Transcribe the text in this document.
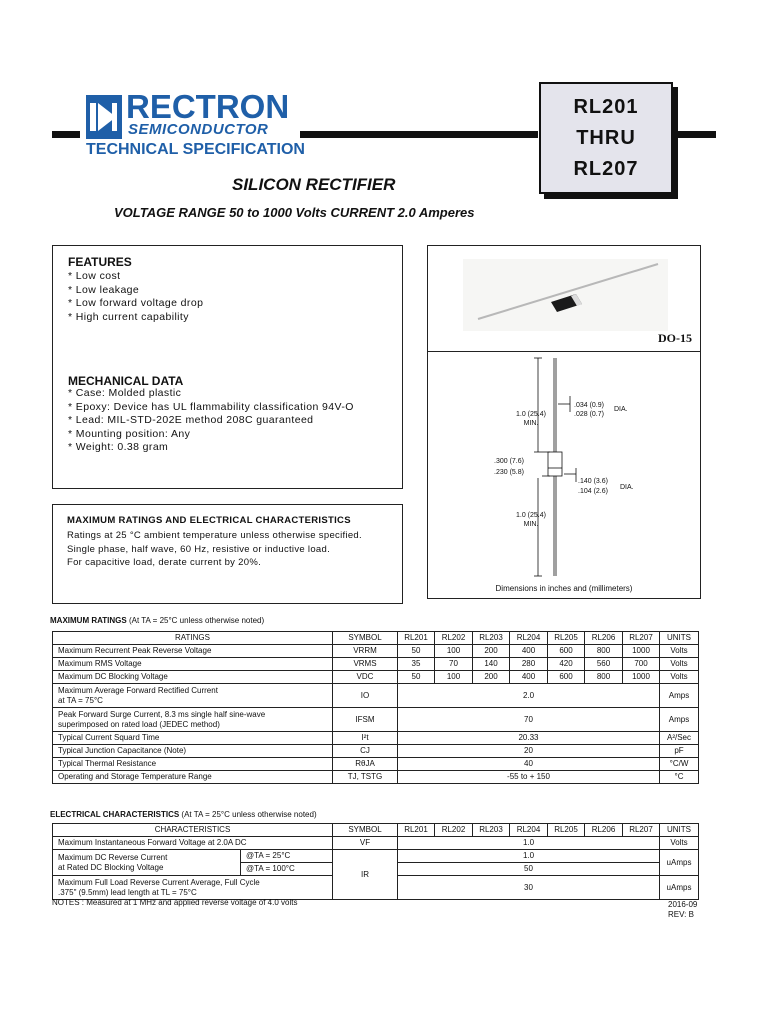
RECTRON
SEMICONDUCTOR
TECHNICAL SPECIFICATION
RL201
THRU
RL207
SILICON RECTIFIER
VOLTAGE RANGE 50 to 1000 Volts CURRENT 2.0 Amperes
FEATURES
* Low cost
* Low leakage
* Low forward voltage drop
* High current capability
MECHANICAL DATA
* Case: Molded plastic
* Epoxy: Device has UL flammability classification 94V-O
* Lead: MIL-STD-202E method 208C guaranteed
* Mounting position: Any
* Weight: 0.38 gram
MAXIMUM RATINGS AND ELECTRICAL CHARACTERISTICS
Ratings at 25 °C ambient temperature unless otherwise specified.
Single phase, half wave, 60 Hz, resistive or inductive load.
For capacitive load, derate current by 20%.
DO-15
1.0 (25.4)
MIN.
.034 (0.9)
.028 (0.7)
DIA.
.300 (7.6)
.230 (5.8)
.140 (3.6)
.104 (2.6)
DIA.
1.0 (25.4)
MIN.
Dimensions in inches and (millimeters)
MAXIMUM RATINGS (At TA = 25°C unless otherwise noted)
RATINGS	SYMBOL	RL201	RL202	RL203	RL204	RL205	RL206	RL207	UNITS
Maximum Recurrent Peak Reverse Voltage	VRRM	50	100	200	400	600	800	1000	Volts
Maximum RMS Voltage	VRMS	35	70	140	280	420	560	700	Volts
Maximum DC Blocking Voltage	VDC	50	100	200	400	600	800	1000	Volts

Maximum Average Forward Rectified Current
at TA = 75°C	IO	2.0							Amps

Peak Forward Surge Current, 8.3 ms single half sine-wave
superimposed on rated load (JEDEC method)	IFSM	70							Amps
Typical Current Squard Time	I²t	20.33							A²/Sec
Typical Junction Capacitance (Note)	CJ	20							pF
Typical Thermal Resistance	RθJA	40							°C/W
Operating and Storage Temperature Range	TJ, TSTG	-55 to + 150							°C
ELECTRICAL CHARACTERISTICS (At TA = 25°C unless otherwise noted)
CHARACTERISTICS		SYMBOL	RL201	RL202	RL203	RL204	RL205	RL206	RL207	UNITS
Maximum Instantaneous Forward Voltage at 2.0A DC		VF	1.0							Volts

Maximum DC Reverse Current
at Rated DC Blocking Voltage	@TA = 25°C	IR	1.0							uAmps
	@TA = 100°C		50							

Maximum Full Load Reverse Current Average, Full Cycle
.375" (9.5mm) lead length at TL = 75°C			30							uAmps
NOTES : Measured at 1 MHz and applied reverse voltage of 4.0 volts	2016-09
REV: B
